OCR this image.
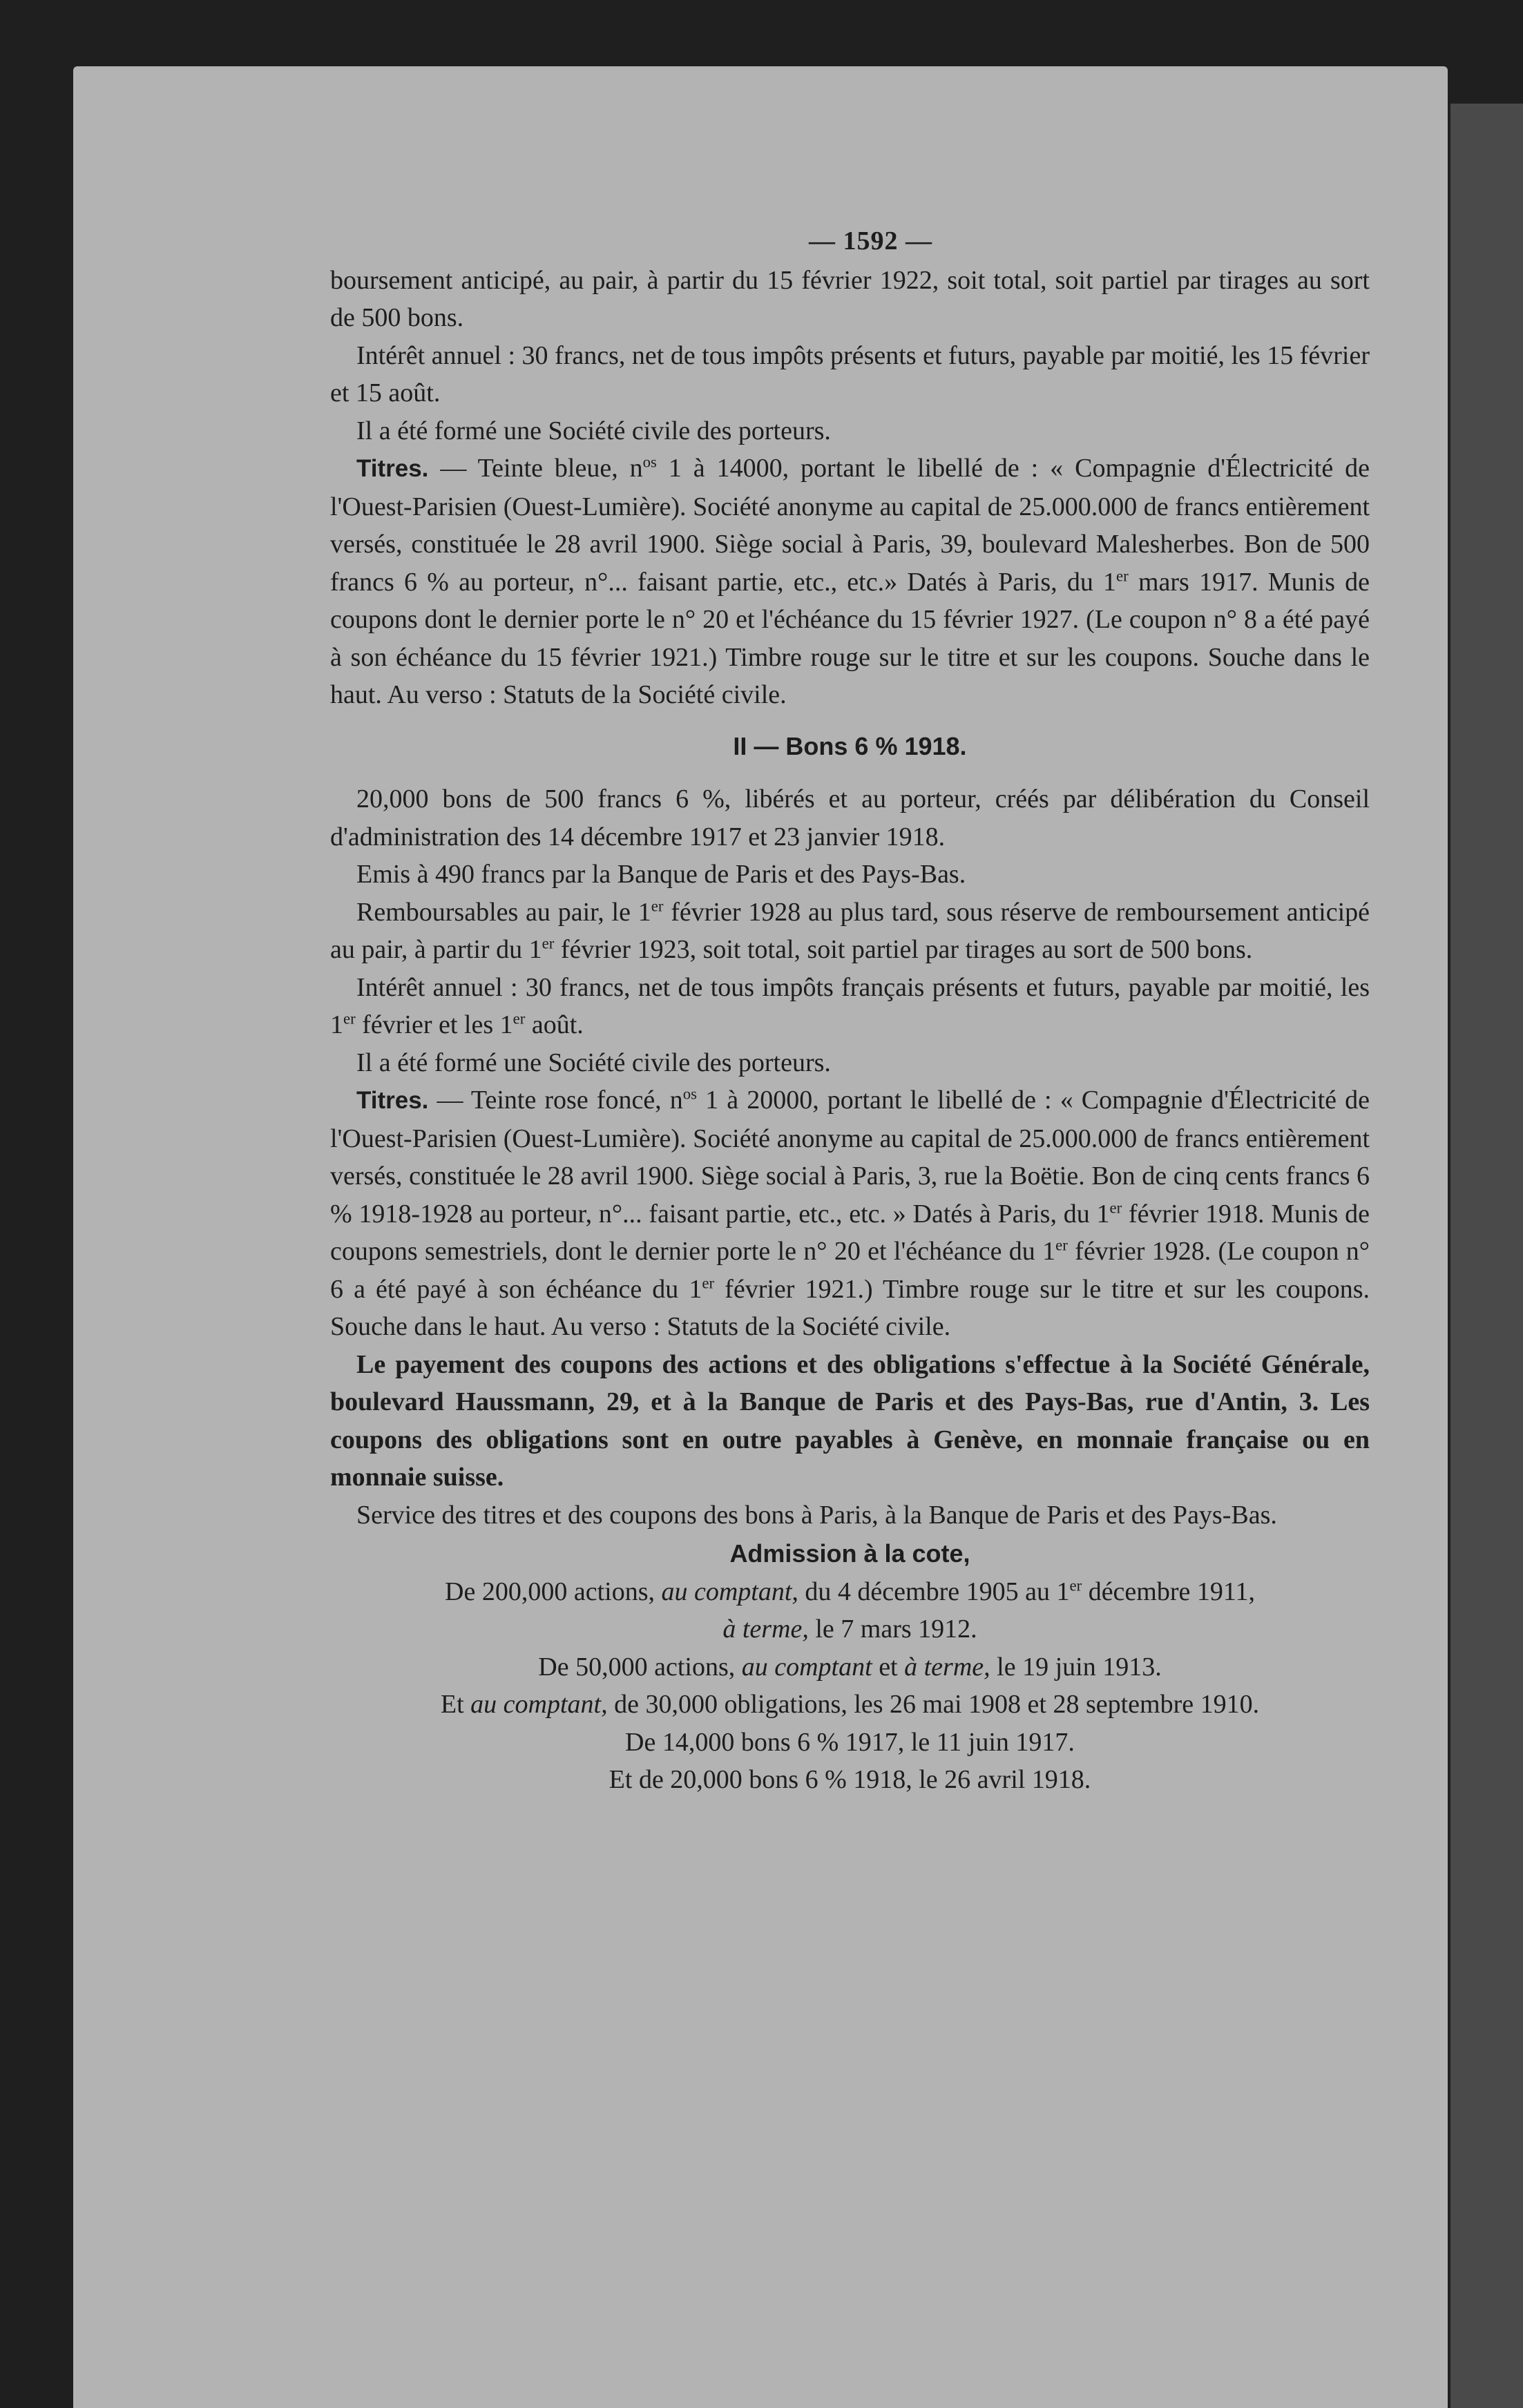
— 1592 —

boursement anticipé, au pair, à partir du 15 février 1922, soit total, soit partiel par tirages au sort de 500 bons.

Intérêt annuel : 30 francs, net de tous impôts présents et futurs, payable par moitié, les 15 février et 15 août.

Il a été formé une Société civile des porteurs.

Titres. — Teinte bleue, $n^{os}$ 1 à 14000, portant le libellé de : « Compagnie d'Électricité de l'Ouest-Parisien (Ouest-Lumière). Société anonyme au capital de 25.000.000 de francs entièrement versés, constituée le 28 avril 1900. Siège social à Paris, 39, boulevard Malesherbes. Bon de 500 francs 6 % au porteur, n°... faisant partie, etc., etc.» Datés à Paris, du 1er mars 1917. Munis de coupons dont le dernier porte le n° 20 et l'échéance du 15 février 1927. (Le coupon n° 8 a été payé à son échéance du 15 février 1921.) Timbre rouge sur le titre et sur les coupons. Souche dans le haut. Au verso : Statuts de la Société civile.

II — Bons 6 % 1918.

20,000 bons de 500 francs 6 %, libérés et au porteur, créés par délibération du Conseil d'administration des 14 décembre 1917 et 23 janvier 1918.

Emis à 490 francs par la Banque de Paris et des Pays-Bas.

Remboursables au pair, le 1er février 1928 au plus tard, sous réserve de remboursement anticipé au pair, à partir du 1er février 1923, soit total, soit partiel par tirages au sort de 500 bons.

Intérêt annuel : 30 francs, net de tous impôts français présents et futurs, payable par moitié, les 1er février et les 1er août.

Il a été formé une Société civile des porteurs.

Titres. — Teinte rose foncé, $n^{os}$ 1 à 20000, portant le libellé de : « Compagnie d'Électricité de l'Ouest-Parisien (Ouest-Lumière). Société anonyme au capital de 25.000.000 de francs entièrement versés, constituée le 28 avril 1900. Siège social à Paris, 3, rue la Boëtie. Bon de cinq cents francs 6 % 1918-1928 au porteur, n°... faisant partie, etc., etc. » Datés à Paris, du 1er février 1918. Munis de coupons semestriels, dont le dernier porte le n° 20 et l'échéance du 1er février 1928. (Le coupon n° 6 a été payé à son échéance du 1er février 1921.) Timbre rouge sur le titre et sur les coupons. Souche dans le haut. Au verso : Statuts de la Société civile.

Le payement des coupons des actions et des obligations s'effectue à la Société Générale, boulevard Haussmann, 29, et à la Banque de Paris et des Pays-Bas, rue d'Antin, 3. Les coupons des obligations sont en outre payables à Genève, en monnaie française ou en monnaie suisse.

Service des titres et des coupons des bons à Paris, à la Banque de Paris et des Pays-Bas.

Admission à la cote,
De 200,000 actions, au comptant, du 4 décembre 1905 au 1er décembre 1911,
à terme, le 7 mars 1912.
De 50,000 actions, au comptant et à terme, le 19 juin 1913.
Et au comptant, de 30,000 obligations, les 26 mai 1908 et 28 septembre 1910.
De 14,000 bons 6 % 1917, le 11 juin 1917.
Et de 20,000 bons 6 % 1918, le 26 avril 1918.
